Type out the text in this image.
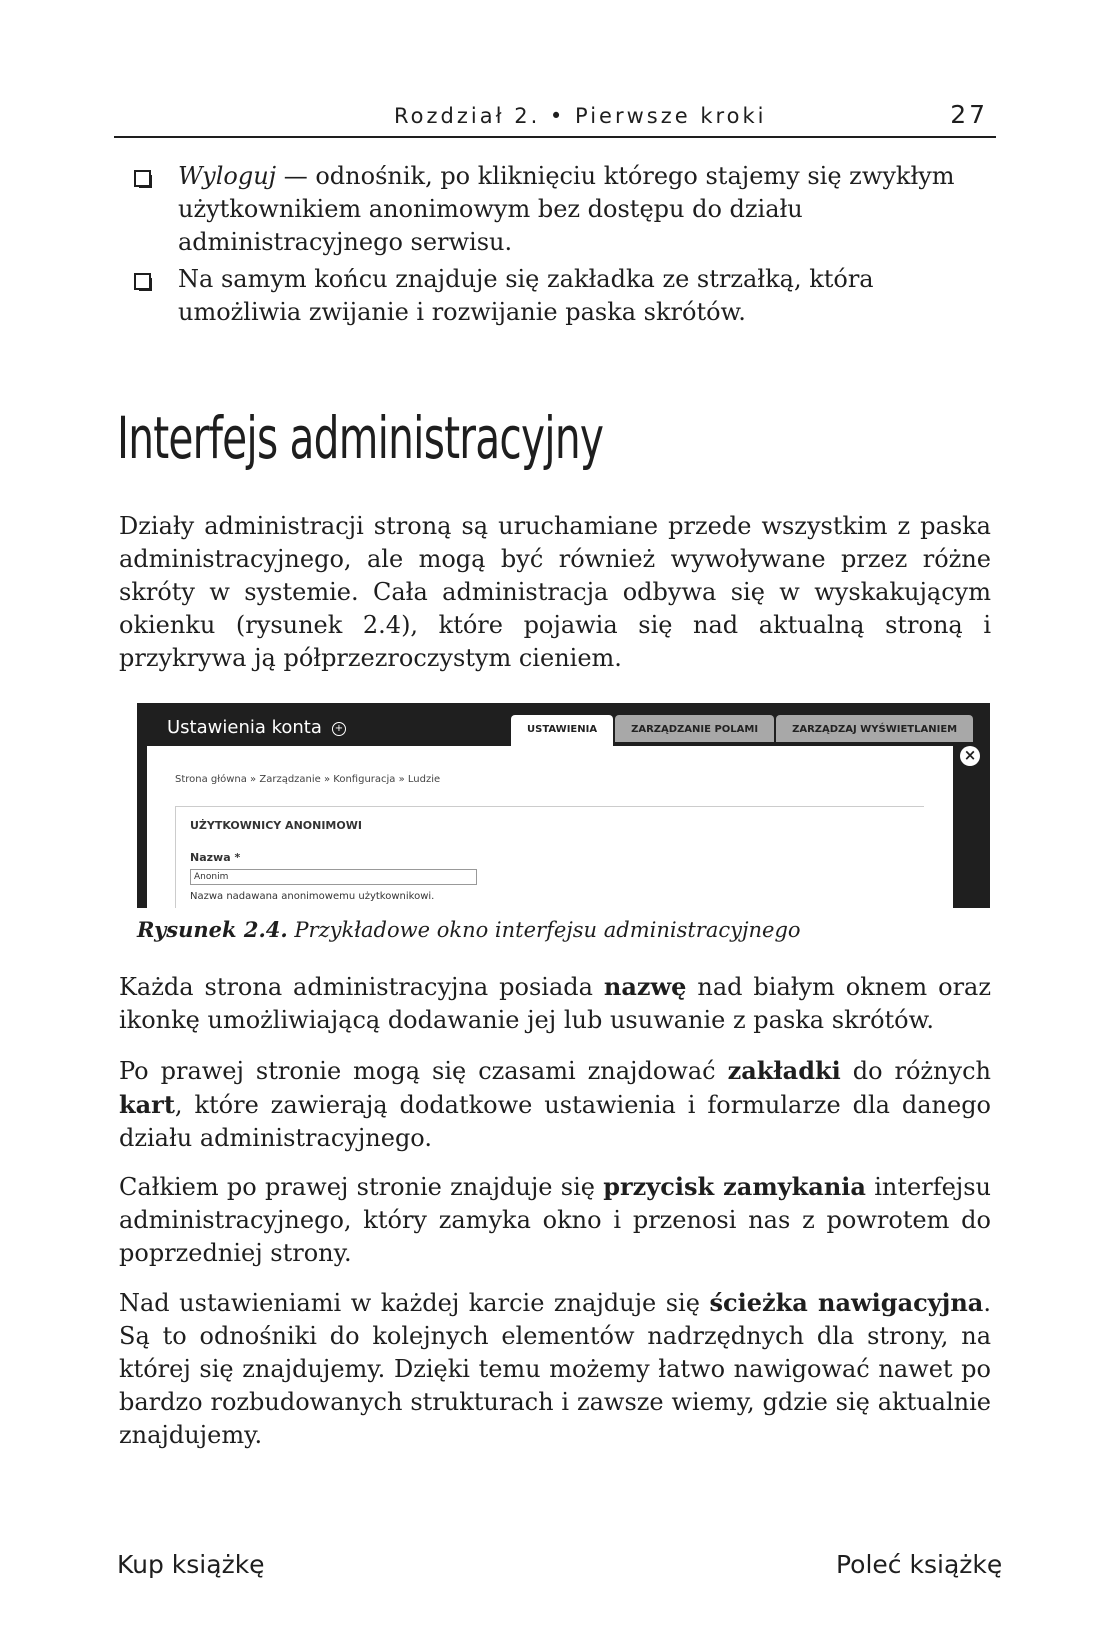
Rozdział 2. • Pierwsze kroki	27
Wyloguj — odnośnik, po kliknięciu którego stajemy się zwykłym użytkownikiem anonimowym bez dostępu do działu administracyjnego serwisu.
Na samym końcu znajduje się zakładka ze strzałką, która umożliwia zwijanie i rozwijanie paska skrótów.
Interfejs administracyjny

Działy administracji stroną są uruchamiane przede wszystkim z paska administracyjnego, ale mogą być również wywoływane przez różne skróty w systemie. Cała administracja odbywa się w wyskakującym okienku (rysunek 2.4), które pojawia się nad aktualną stroną i przykrywa ją półprzezroczystym cieniem.

Ustawienia konta +	USTAWIENIA	ZARZĄDZANIE POLAMI	ZARZĄDZAJ WYŚWIETLANIEM
Strona główna » Zarządzanie » Konfiguracja » Ludzie
UŻYTKOWNICY ANONIMOWI
Nazwa *
Anonim
Nazwa nadawana anonimowemu użytkownikowi.
×
Rysunek 2.4. Przykładowe okno interfejsu administracyjnego

Każda strona administracyjna posiada nazwę nad białym oknem oraz ikonkę umożliwiającą dodawanie jej lub usuwanie z paska skrótów.

Po prawej stronie mogą się czasami znajdować zakładki do różnych kart, które zawierają dodatkowe ustawienia i formularze dla danego działu administracyjnego.

Całkiem po prawej stronie znajduje się przycisk zamykania interfejsu administracyjnego, który zamyka okno i przenosi nas z powrotem do poprzedniej strony.

Nad ustawieniami w każdej karcie znajduje się ścieżka nawigacyjna. Są to odnośniki do kolejnych elementów nadrzędnych dla strony, na której się znajdujemy. Dzięki temu możemy łatwo nawigować nawet po bardzo rozbudowanych strukturach i zawsze wiemy, gdzie się aktualnie znajdujemy.

Kup książkę	Poleć książkę
